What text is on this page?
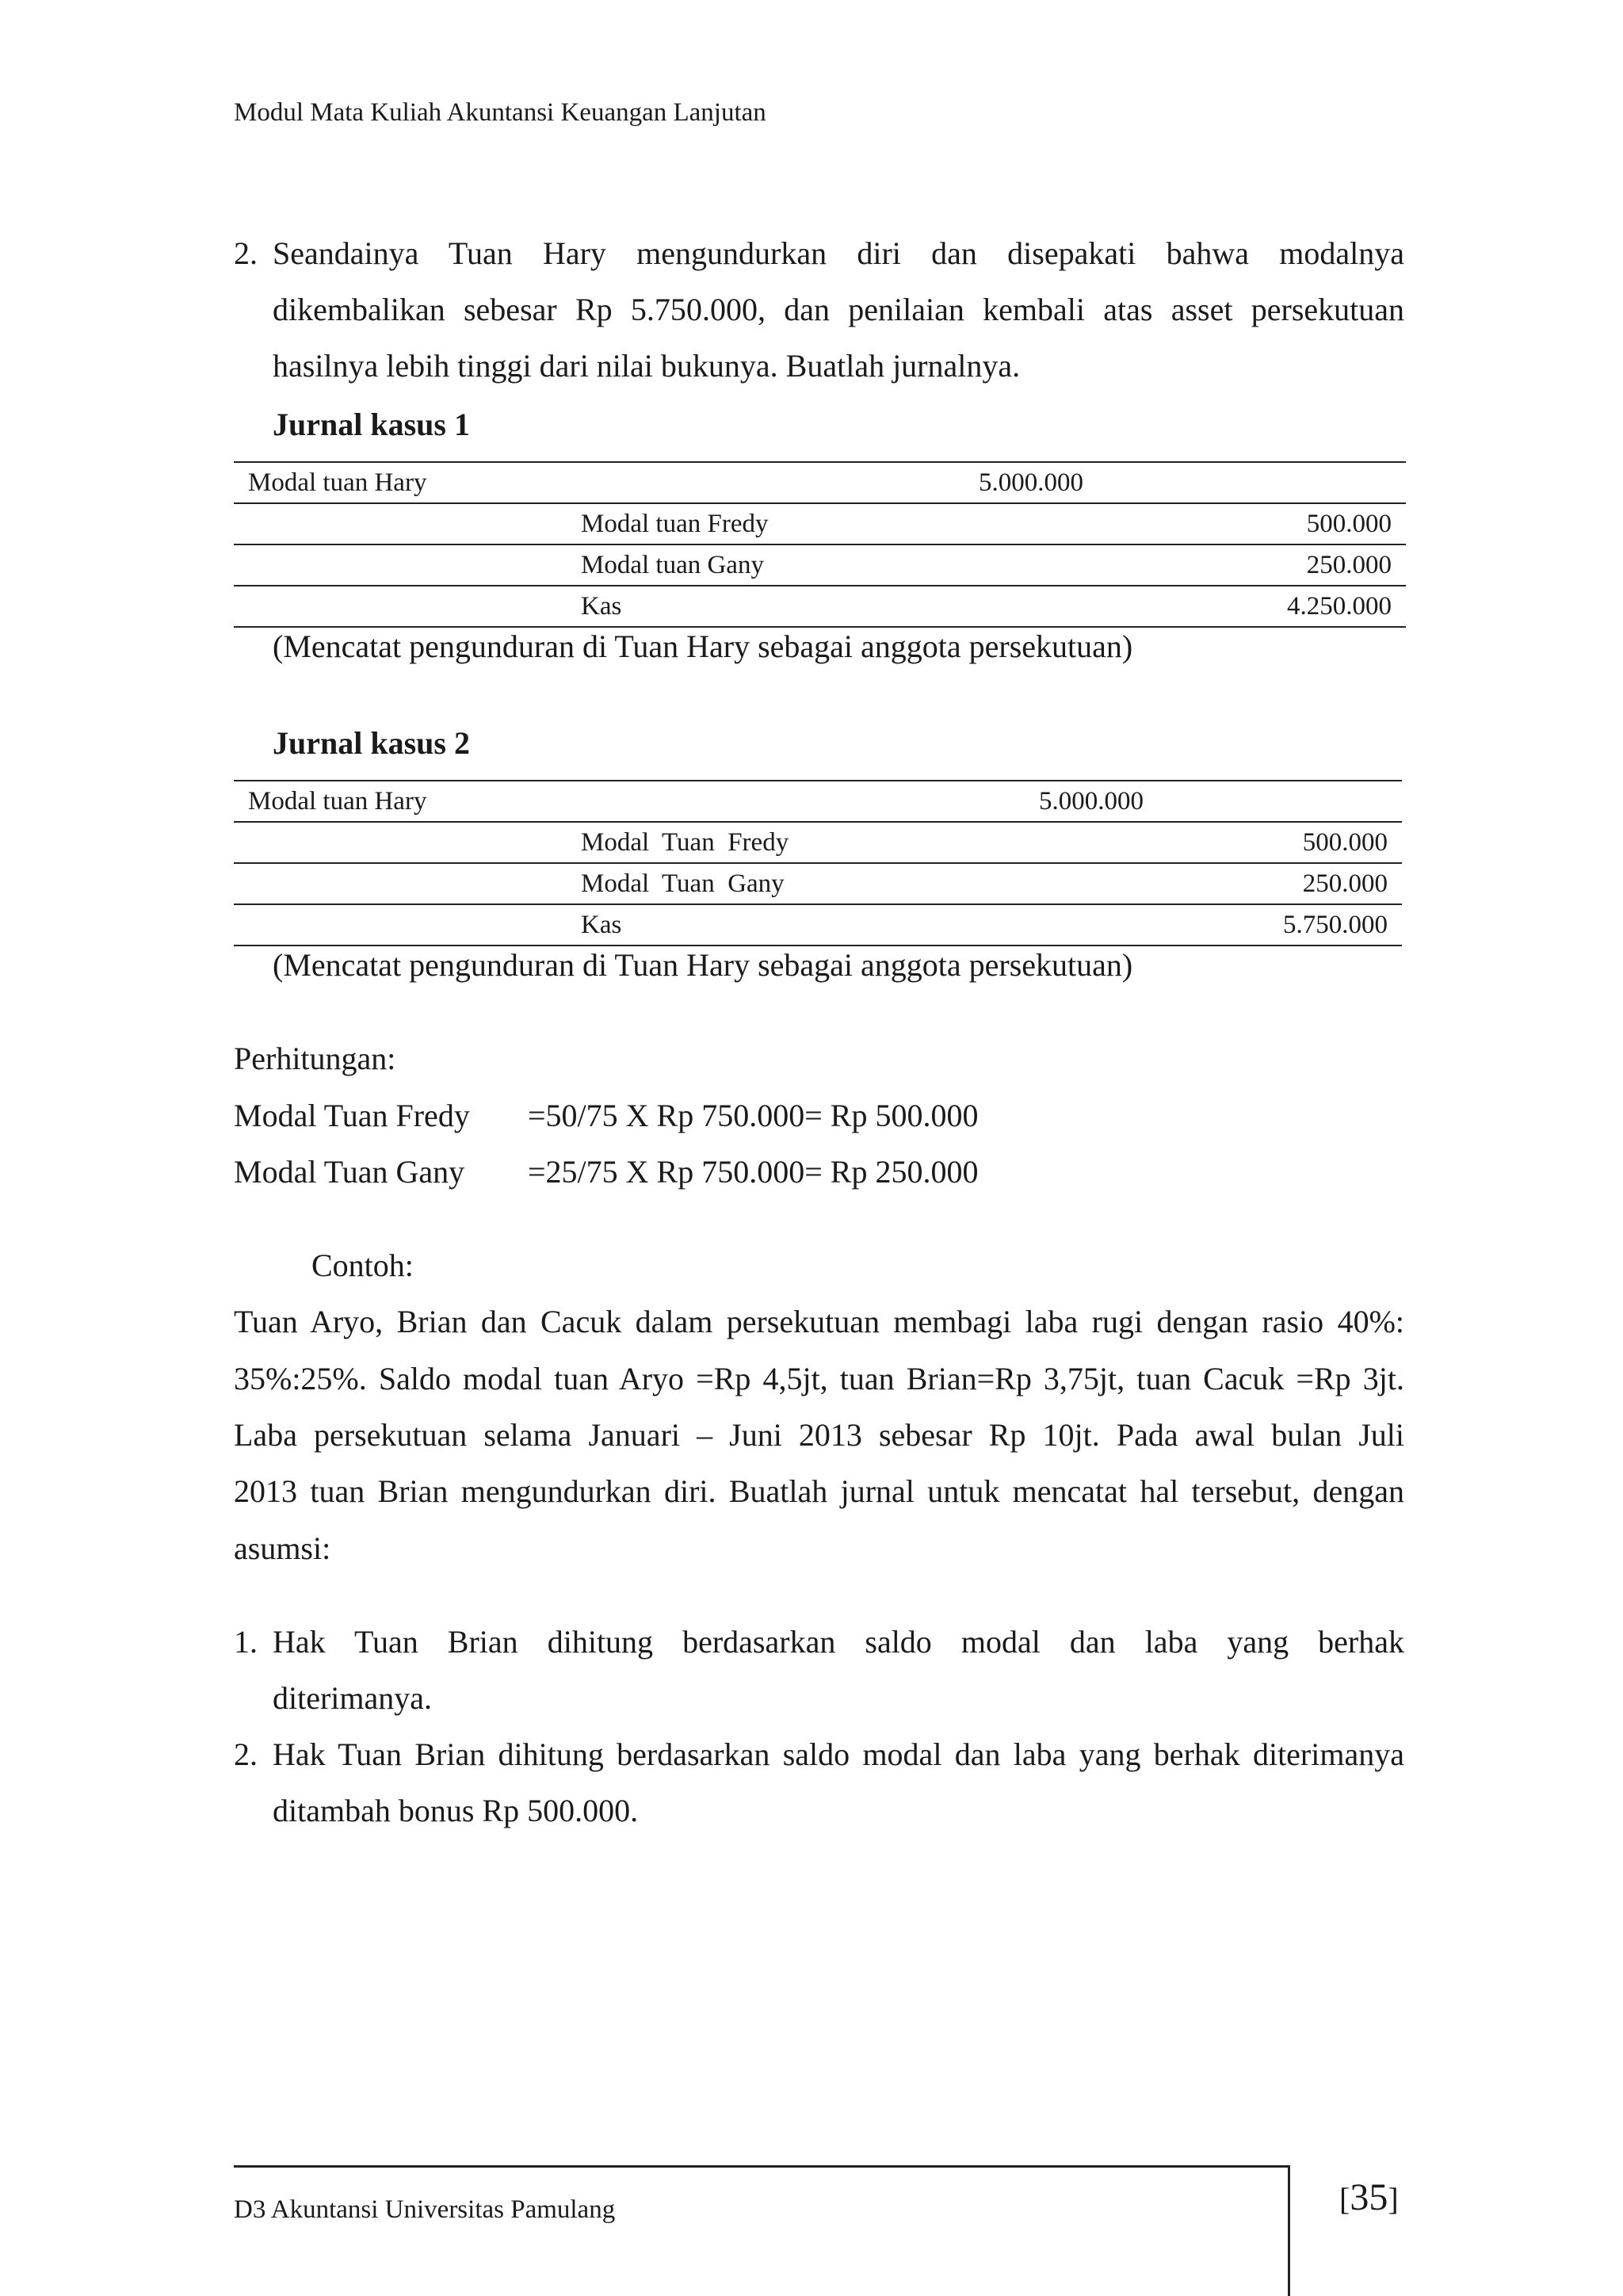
Modul Mata Kuliah Akuntansi Keuangan Lanjutan
2. Seandainya Tuan Hary mengundurkan diri dan disepakati bahwa modalnya
dikembalikan sebesar Rp 5.750.000, dan penilaian kembali atas asset persekutuan
hasilnya lebih tinggi dari nilai bukunya. Buatlah jurnalnya.
Jurnal kasus 1
Modal tuan Hary		5.000.000	
	Modal tuan Fredy		500.000
	Modal tuan Gany		250.000
	Kas		4.250.000
(Mencatat pengunduran di Tuan Hary sebagai anggota persekutuan)
Jurnal kasus 2
Modal tuan Hary		5.000.000	
	Modal  Tuan  Fredy		500.000
	Modal  Tuan  Gany		250.000
	Kas		5.750.000
(Mencatat pengunduran di Tuan Hary sebagai anggota persekutuan)
Perhitungan:
Modal Tuan Fredy =50/75 X Rp 750.000= Rp 500.000
Modal Tuan Gany =25/75 X Rp 750.000= Rp 250.000
Contoh:
Tuan Aryo, Brian dan Cacuk dalam persekutuan membagi laba rugi dengan rasio 40%:
35%:25%. Saldo modal tuan Aryo =Rp 4,5jt, tuan Brian=Rp 3,75jt, tuan Cacuk =Rp 3jt.
Laba persekutuan selama Januari – Juni 2013 sebesar Rp 10jt. Pada awal bulan Juli
2013 tuan Brian mengundurkan diri. Buatlah jurnal untuk mencatat hal tersebut, dengan
asumsi:
1. Hak Tuan Brian dihitung berdasarkan saldo modal dan laba yang berhak
diterimanya.
2. Hak Tuan Brian dihitung berdasarkan saldo modal dan laba yang berhak diterimanya
ditambah bonus Rp 500.000.
D3 Akuntansi Universitas Pamulang	[35]
